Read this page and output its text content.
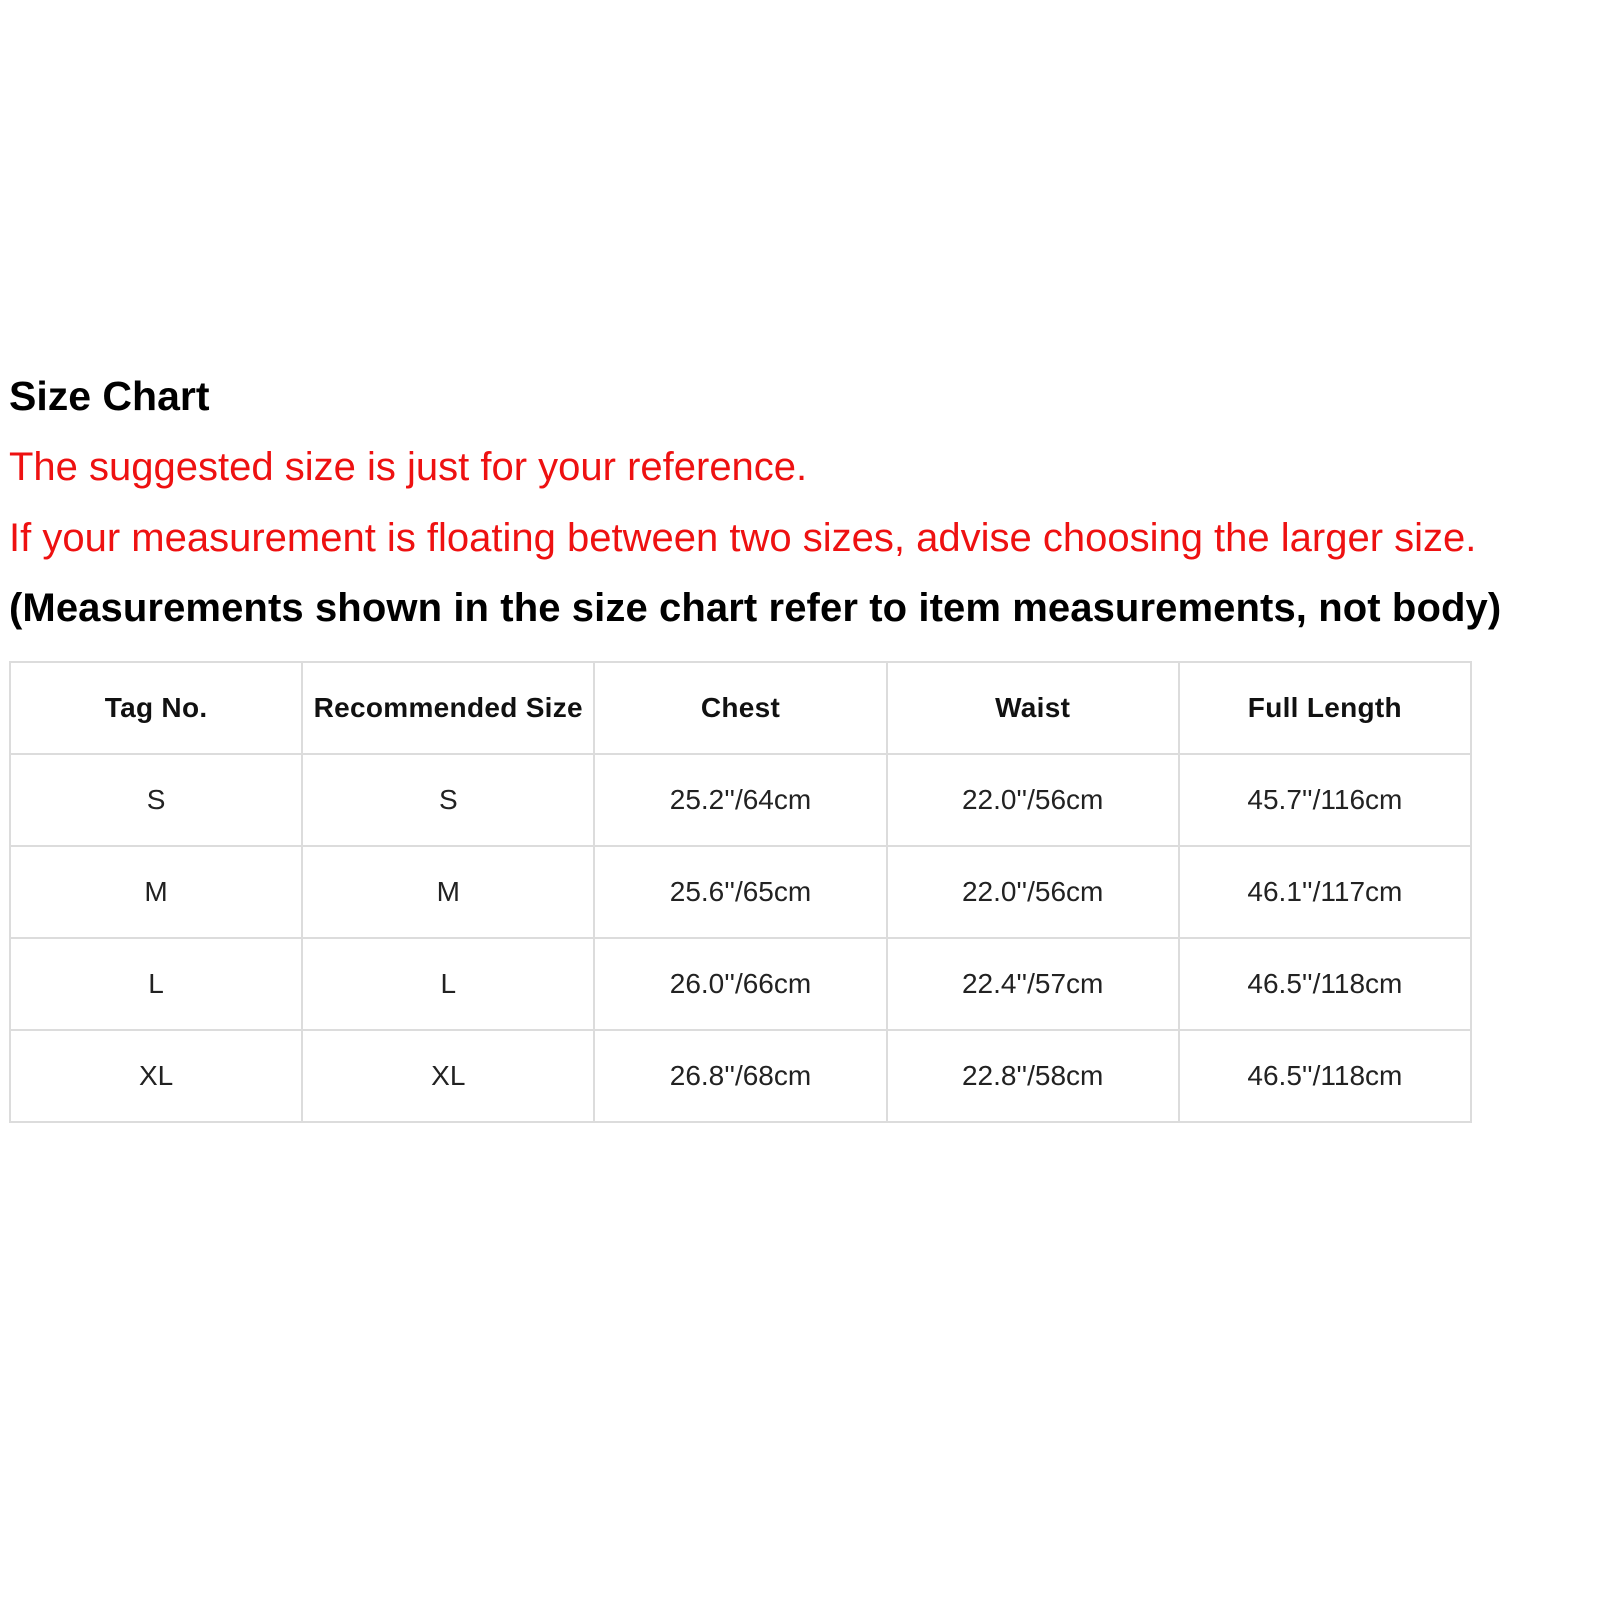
Size Chart
The suggested size is just for your reference.
If your measurement is floating between two sizes, advise choosing the larger size.
(Measurements shown in the size chart refer to item measurements, not body)
Tag No.	Recommended Size	Chest	Waist	Full Length
S	S	25.2''/64cm	22.0''/56cm	45.7''/116cm
M	M	25.6''/65cm	22.0''/56cm	46.1''/117cm
L	L	26.0''/66cm	22.4''/57cm	46.5''/118cm
XL	XL	26.8''/68cm	22.8''/58cm	46.5''/118cm
